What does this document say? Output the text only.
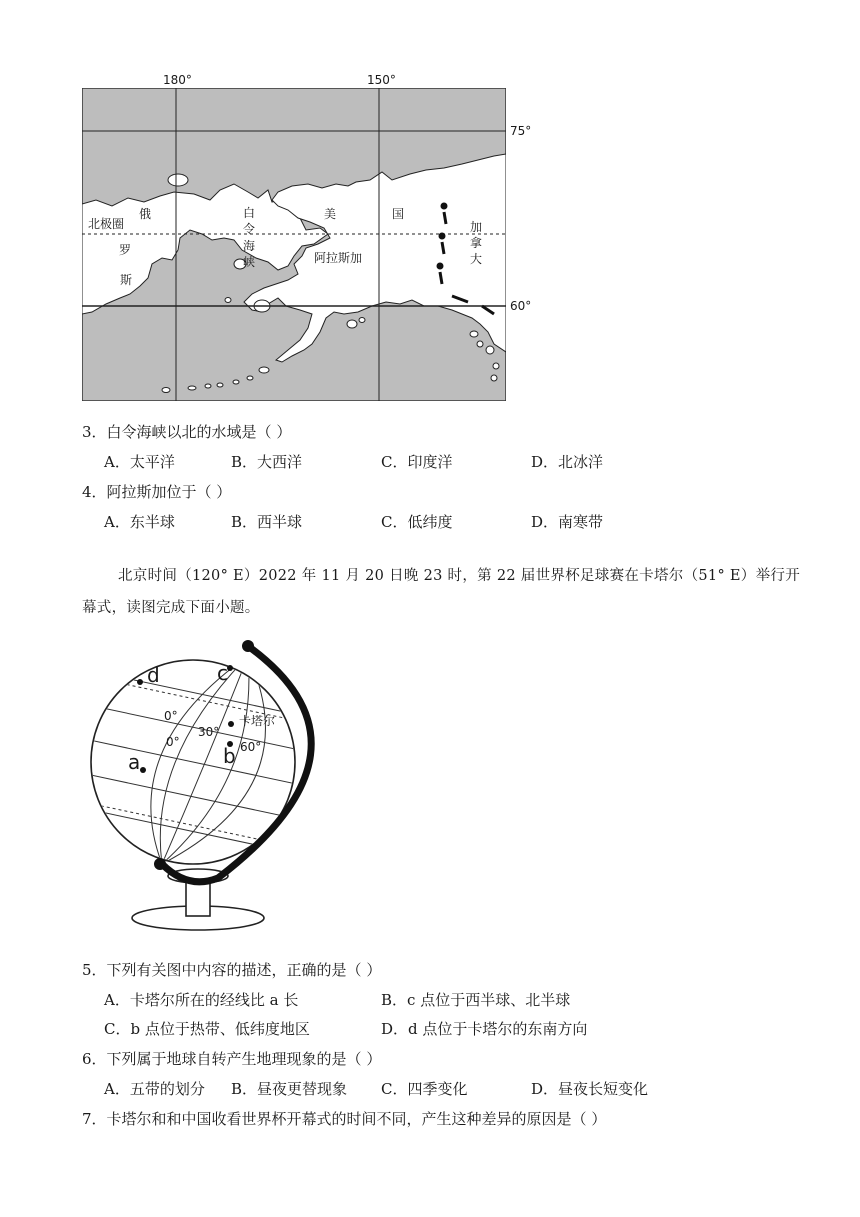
180°	150°
75°
60°
北极圈
俄
罗
斯
白
令
海
峡
美	国
阿拉斯加
加
拿
大
3．白令海峡以北的水域是（ ）
A．太平洋	B．大西洋	C．印度洋	D．北冰洋
4．阿拉斯加位于（ ）
A．东半球	B．西半球	C．低纬度	D．南寒带
北京时间（120° E）2022 年 11 月 20 日晚 23 时，第 22 届世界杯足球赛在卡塔尔（51° E）举行开
幕式，读图完成下面小题。
d	c
a	b
卡塔尔
0°
0°
30°
60°
5．下列有关图中内容的描述，正确的是（ ）
A．卡塔尔所在的经线比 a 长	B．c 点位于西半球、北半球
C．b 点位于热带、低纬度地区	D．d 点位于卡塔尔的东南方向
6．下列属于地球自转产生地理现象的是（ ）
A．五带的划分 B．昼夜更替现象 C．四季变化	D．昼夜长短变化
7．卡塔尔和和中国收看世界杯开幕式的时间不同，产生这种差异的原因是（ ）
